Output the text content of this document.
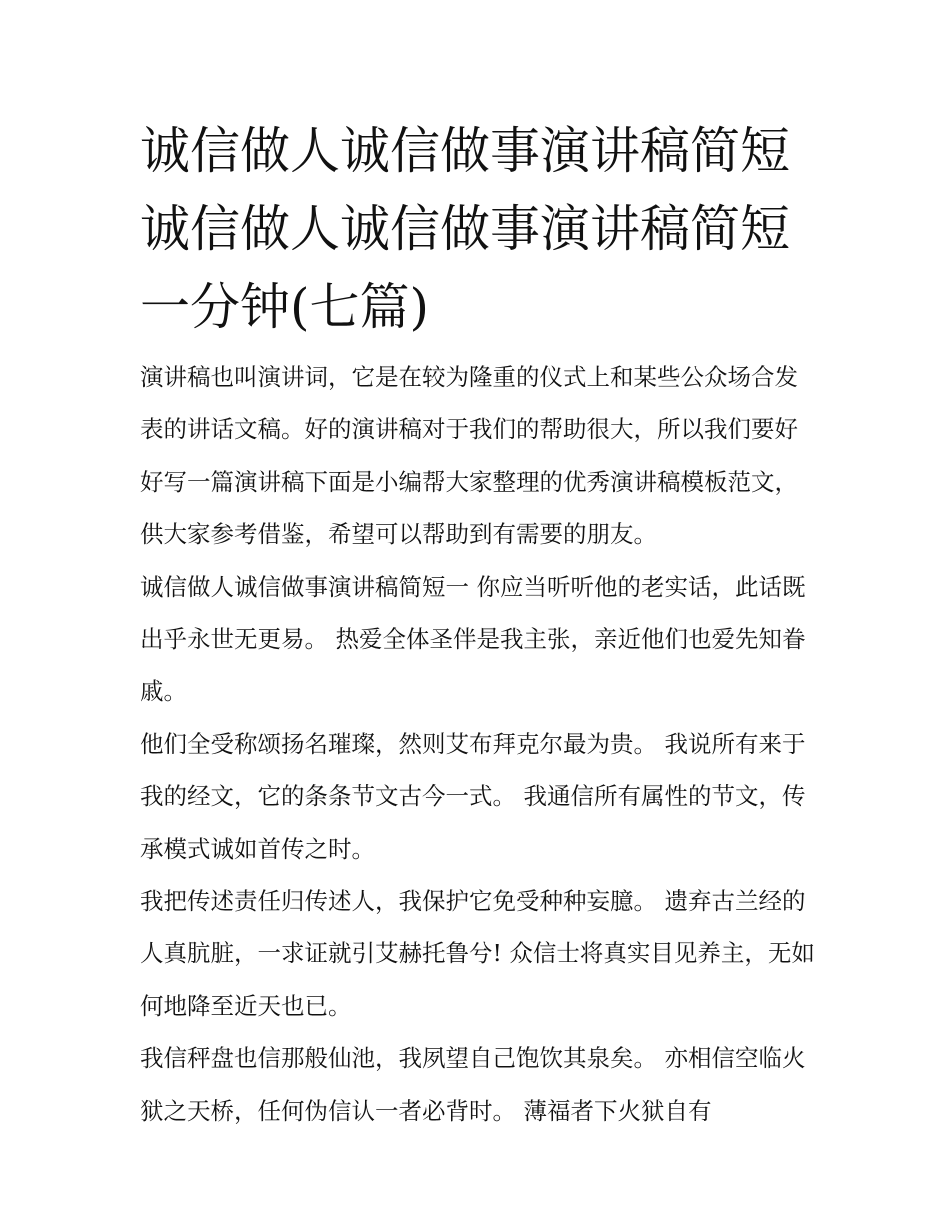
诚信做人诚信做事演讲稿简短诚信做人诚信做事演讲稿简短一分钟(七篇)

演讲稿也叫演讲词，它是在较为隆重的仪式上和某些公众场合发表的讲话文稿。好的演讲稿对于我们的帮助很大，所以我们要好好写一篇演讲稿下面是小编帮大家整理的优秀演讲稿模板范文，供大家参考借鉴，希望可以帮助到有需要的朋友。

诚信做人诚信做事演讲稿简短一 你应当听听他的老实话，此话既出乎永世无更易。 热爱全体圣伴是我主张，亲近他们也爱先知眷戚。

他们全受称颂扬名璀璨，然则艾布拜克尔最为贵。 我说所有来于我的经文，它的条条节文古今一式。 我通信所有属性的节文，传承模式诚如首传之时。

我把传述责任归传述人，我保护它免受种种妄臆。 遗弃古兰经的人真肮脏，一求证就引艾赫托鲁兮! 众信士将真实目见养主，无如何地降至近天也已。

我信秤盘也信那般仙池，我夙望自己饱饮其泉矣。 亦相信空临火狱之天桥，任何伪信认一者必背时。 薄福者下火狱自有
